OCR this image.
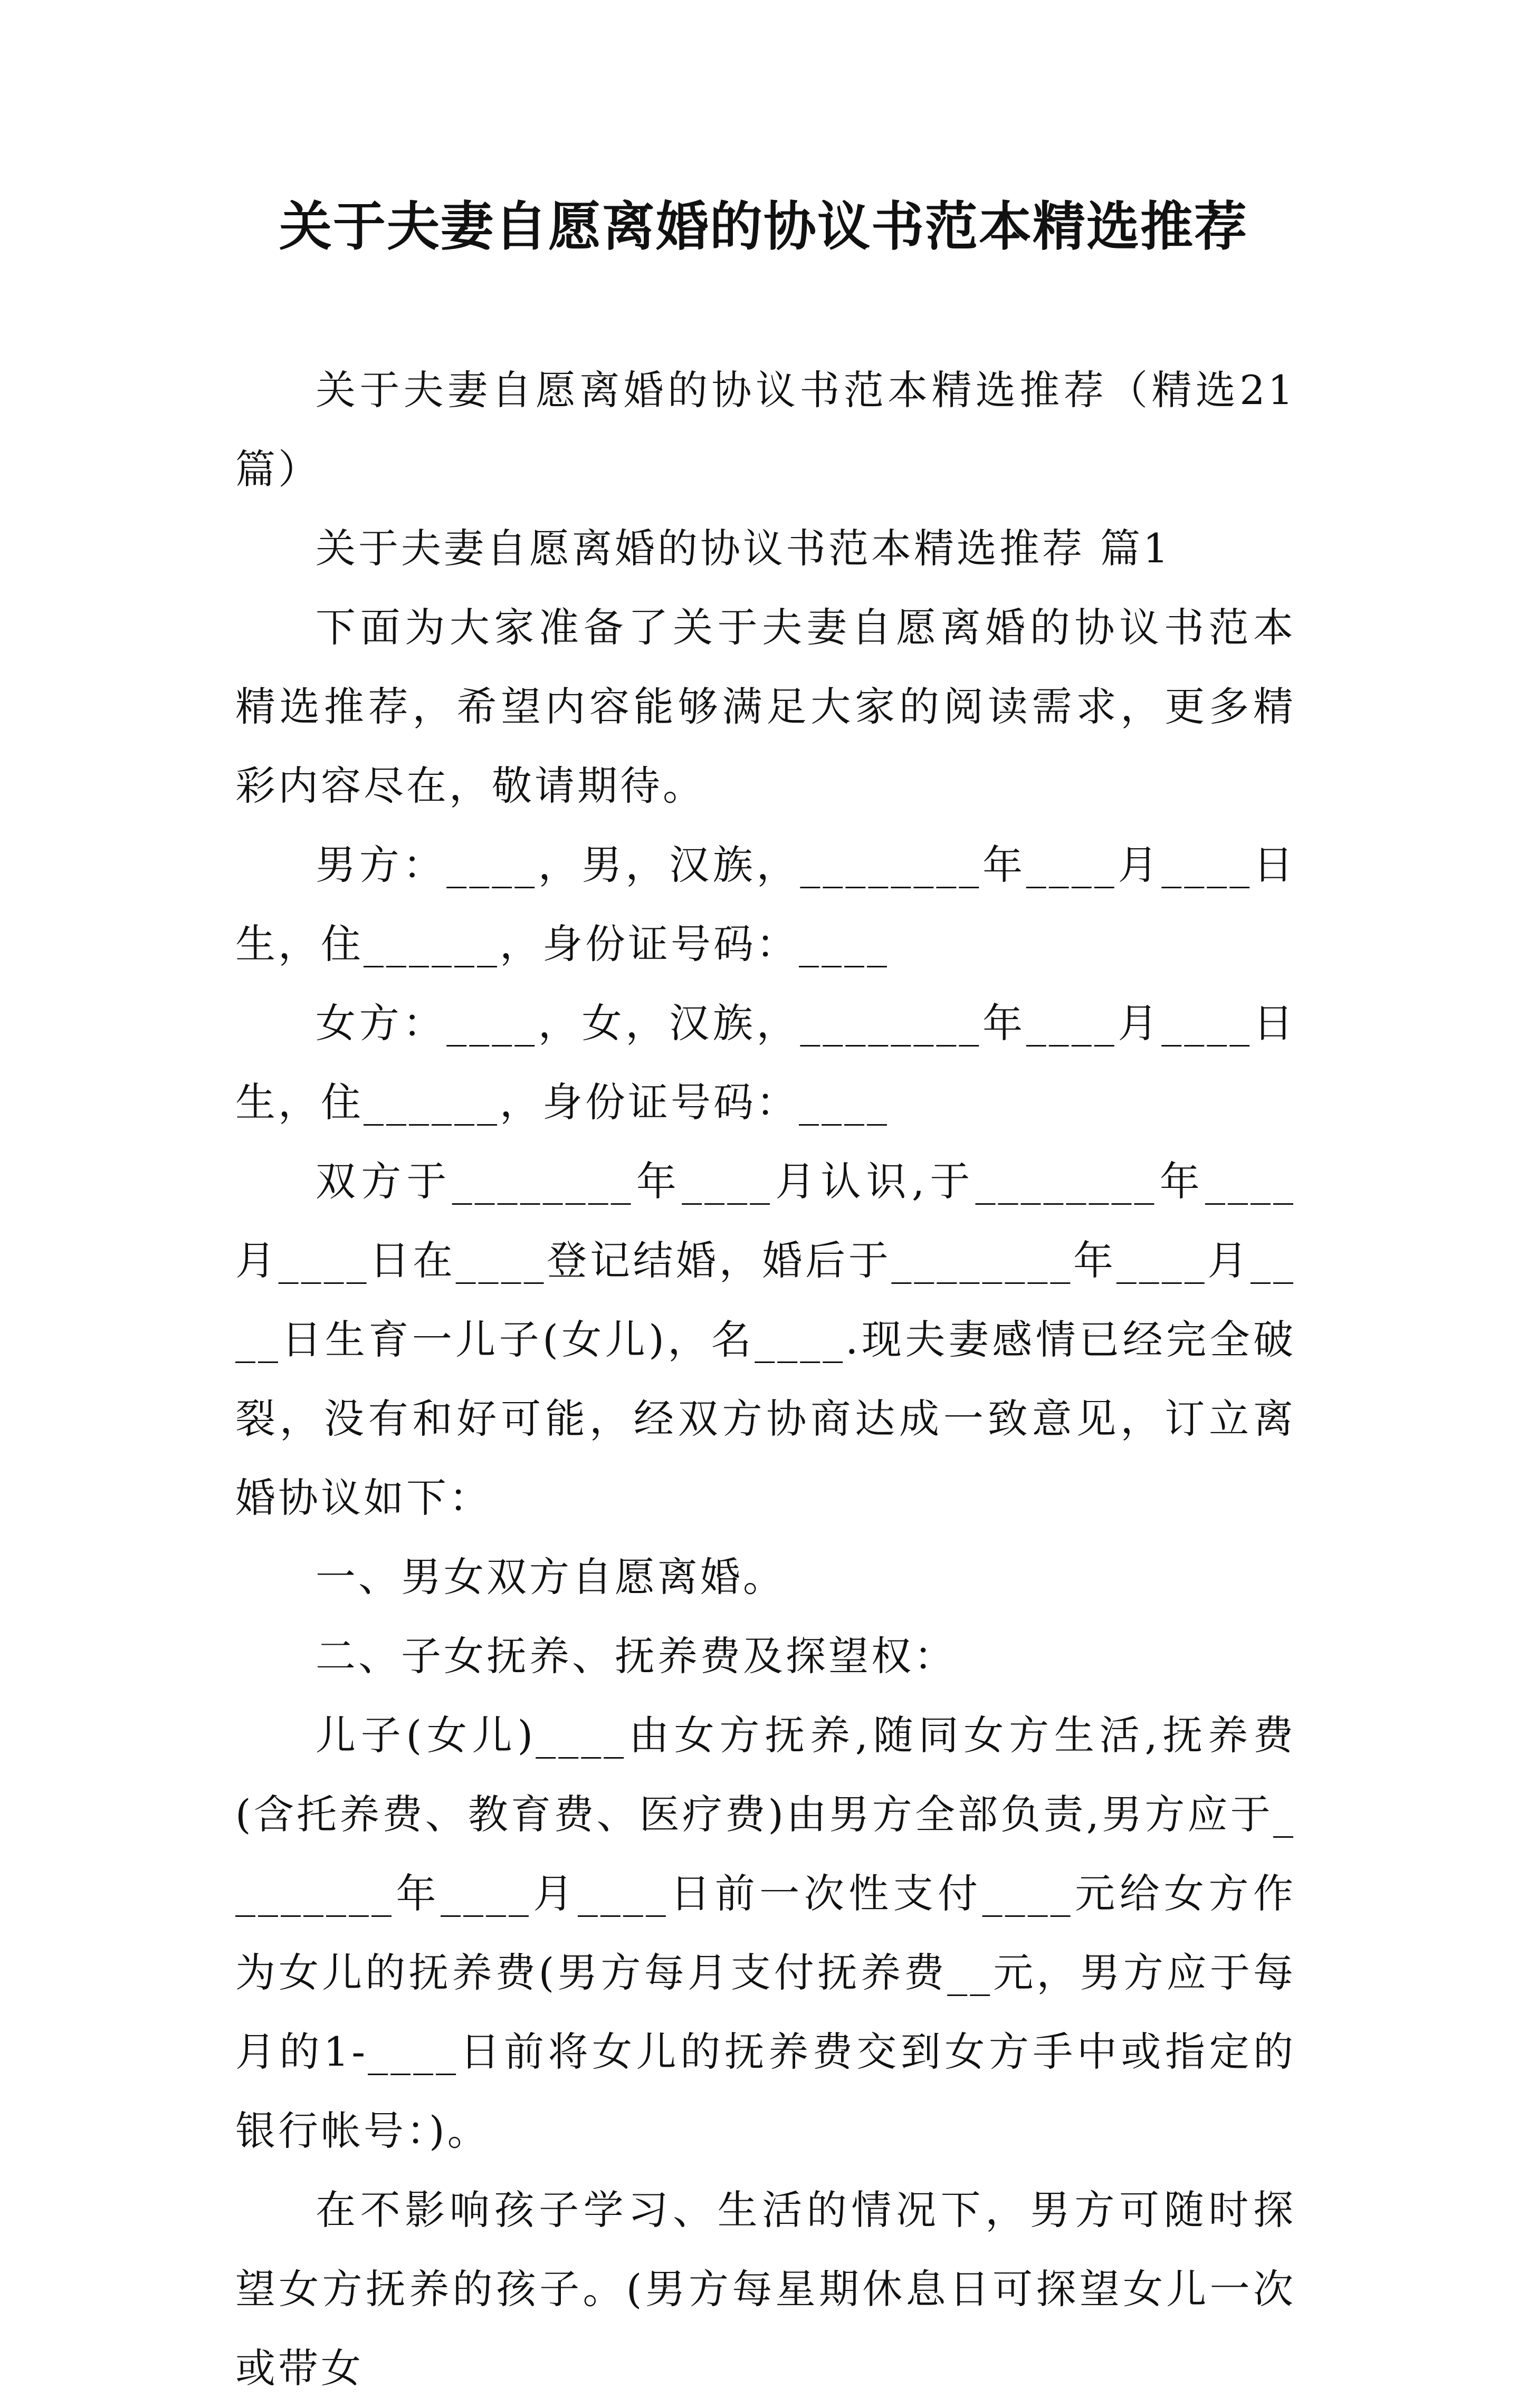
关于夫妻自愿离婚的协议书范本精选推荐

关于夫妻自愿离婚的协议书范本精选推荐（精选21篇）

关于夫妻自愿离婚的协议书范本精选推荐 篇1

下面为大家准备了关于夫妻自愿离婚的协议书范本精选推荐，希望内容能够满足大家的阅读需求，更多精彩内容尽在，敬请期待。

男方：____，男，汉族，________年____月____日生，住______，身份证号码：____

女方：____，女，汉族，________年____月____日生，住______，身份证号码：____

双方于________年____月认识,于________年____月____日在____登记结婚，婚后于________年____月____日生育一儿子(女儿)，名____.现夫妻感情已经完全破裂，没有和好可能，经双方协商达成一致意见，订立离婚协议如下：

一、男女双方自愿离婚。

二、子女抚养、抚养费及探望权：

儿子(女儿)____由女方抚养,随同女方生活,抚养费(含托养费、教育费、医疗费)由男方全部负责,男方应于________年____月____日前一次性支付____元给女方作为女儿的抚养费(男方每月支付抚养费__元，男方应于每月的1-____日前将女儿的抚养费交到女方手中或指定的银行帐号：)。

在不影响孩子学习、生活的情况下，男方可随时探望女方抚养的孩子。(男方每星期休息日可探望女儿一次或带女
